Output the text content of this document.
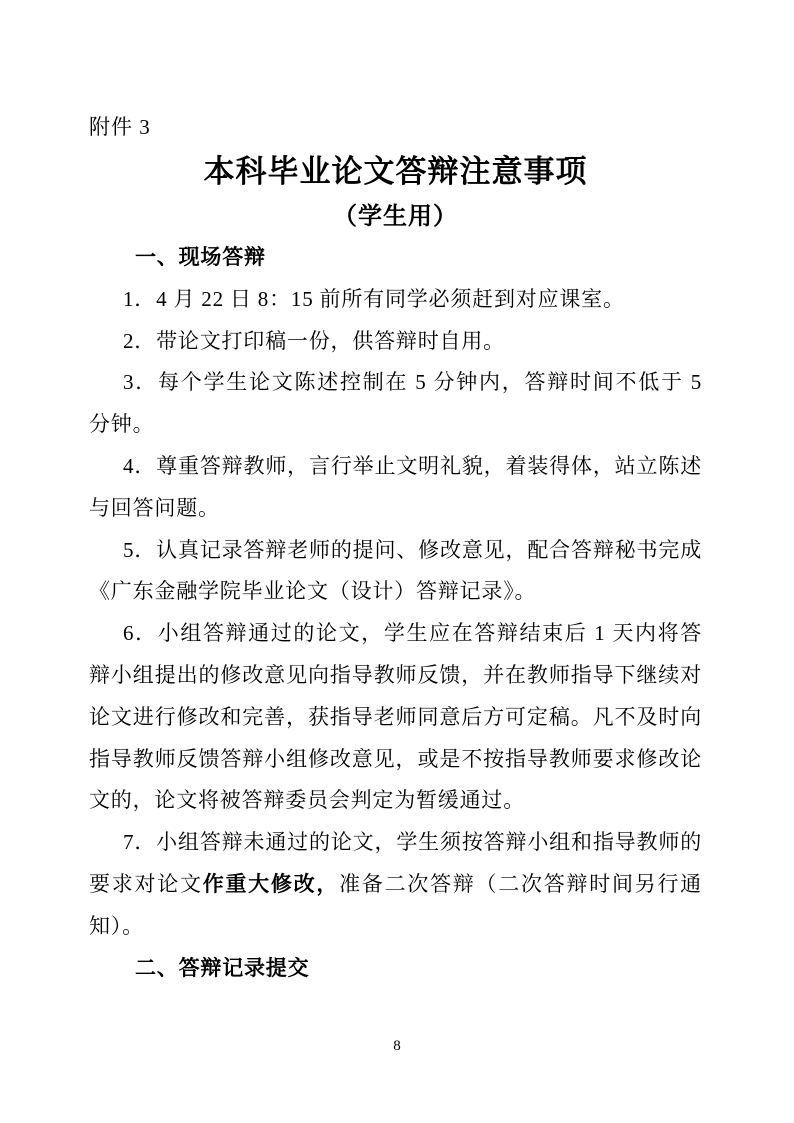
附件 3

本科毕业论文答辩注意事项
（学生用）

一、现场答辩

1．4 月 22 日 8：15 前所有同学必须赶到对应课室。

2．带论文打印稿一份，供答辩时自用。

3．每个学生论文陈述控制在 5 分钟内，答辩时间不低于 5 分钟。

4．尊重答辩教师，言行举止文明礼貌，着装得体，站立陈述与回答问题。

5．认真记录答辩老师的提问、修改意见，配合答辩秘书完成《广东金融学院毕业论文（设计）答辩记录》。

6．小组答辩通过的论文，学生应在答辩结束后 1 天内将答辩小组提出的修改意见向指导教师反馈，并在教师指导下继续对论文进行修改和完善，获指导老师同意后方可定稿。凡不及时向指导教师反馈答辩小组修改意见，或是不按指导教师要求修改论文的，论文将被答辩委员会判定为暂缓通过。

7．小组答辩未通过的论文，学生须按答辩小组和指导教师的要求对论文作重大修改，准备二次答辩（二次答辩时间另行通知）。

二、答辩记录提交

8
